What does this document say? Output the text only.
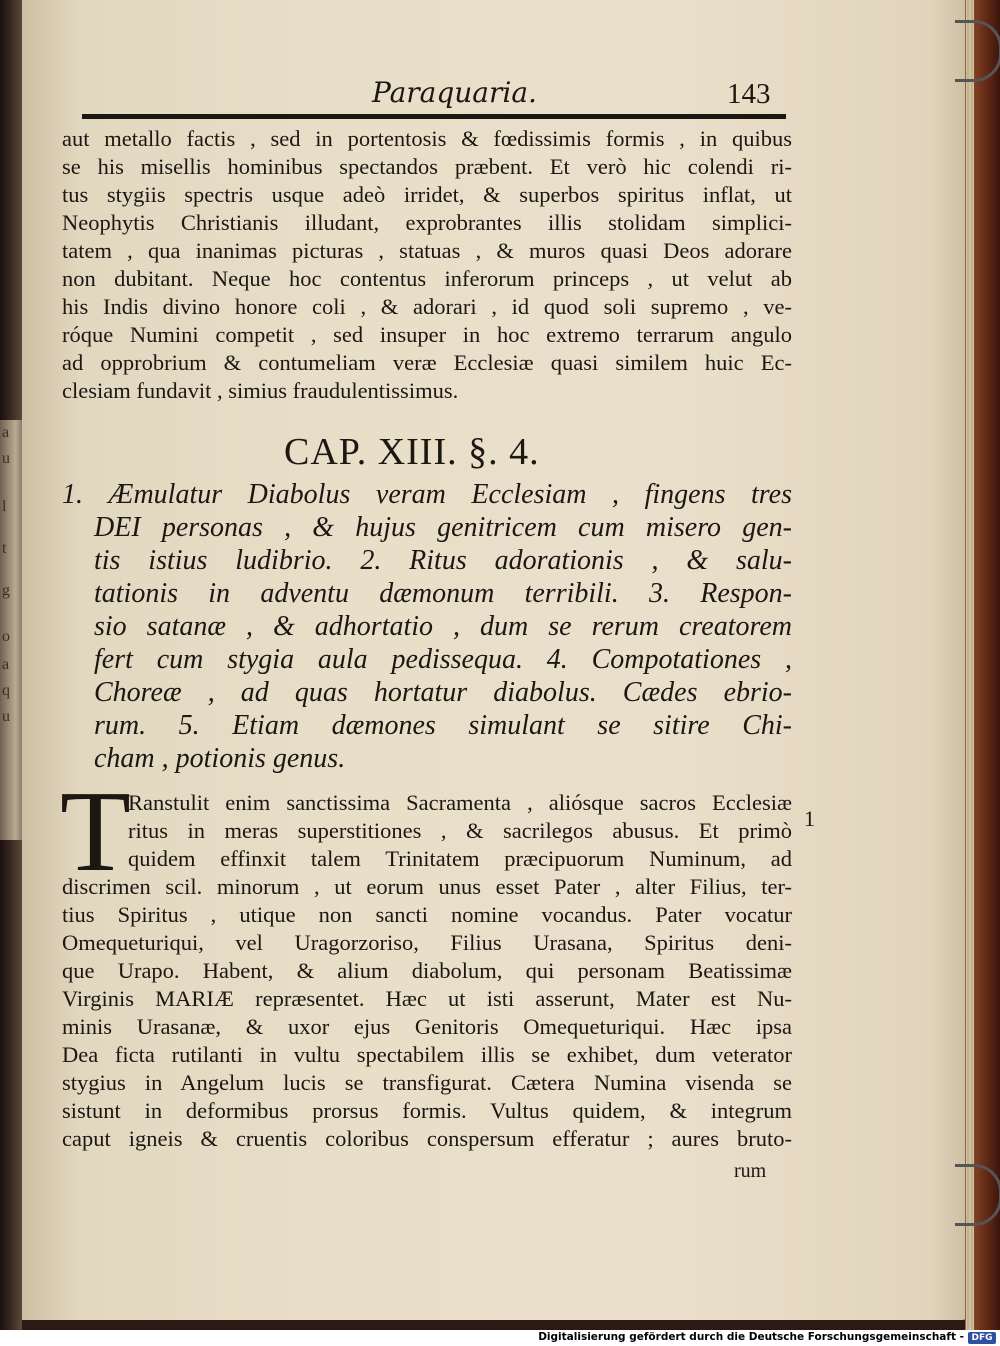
a
u
l
t
g
o
a
q
u
Paraquaria.	143
aut metallo factis , sed in portentosis & fœdissimis formis , in quibus
se his misellis hominibus spectandos præbent. Et verò hic colendi ri-
tus stygiis spectris usque adeò irridet, & superbos spiritus inflat, ut
Neophytis Christianis illudant, exprobrantes illis stolidam simplici-
tatem , qua inanimas picturas , statuas , & muros quasi Deos adorare
non dubitant. Neque hoc contentus inferorum princeps , ut velut ab
his Indis divino honore coli , & adorari , id quod soli supremo , ve-
róque Numini competit , sed insuper in hoc extremo terrarum angulo
ad opprobrium & contumeliam veræ Ecclesiæ quasi similem huic Ec-
clesiam fundavit , simius fraudulentissimus.
CAP. XIII. §. 4.
1. Æmulatur Diabolus veram Ecclesiam , fingens tres
DEI personas , & hujus genitricem cum misero gen-
tis istius ludibrio. 2. Ritus adorationis , & salu-
tationis in adventu dæmonum terribili. 3. Respon-
sio satanæ , & adhortatio , dum se rerum creatorem
fert cum stygia aula pedissequa. 4. Compotationes ,
Choreæ , ad quas hortatur diabolus. Cædes ebrio-
rum. 5. Etiam dæmones simulant se sitire Chi-
cham , potionis genus.
T	1
Ranstulit enim sanctissima Sacramenta , aliósque sacros Ecclesiæ
ritus in meras superstitiones , & sacrilegos abusus. Et primò
quidem effinxit talem Trinitatem præcipuorum Numinum, ad
discrimen scil. minorum , ut eorum unus esset Pater , alter Filius, ter-
tius Spiritus , utique non sancti nomine vocandus. Pater vocatur
Omequeturiqui, vel Uragorzoriso, Filius Urasana, Spiritus deni-
que Urapo. Habent, & alium diabolum, qui personam Beatissimæ
Virginis MARIÆ repræsentet. Hæc ut isti asserunt, Mater est Nu-
minis Urasanæ, & uxor ejus Genitoris Omequeturiqui. Hæc ipsa
Dea ficta rutilanti in vultu spectabilem illis se exhibet, dum veterator
stygius in Angelum lucis se transfigurat. Cætera Numina visenda se
sistunt in deformibus prorsus formis. Vultus quidem, & integrum
caput igneis & cruentis coloribus conspersum efferatur ; aures bruto-
rum
Digitalisierung gefördert durch die Deutsche Forschungsgemeinschaft - DFG
